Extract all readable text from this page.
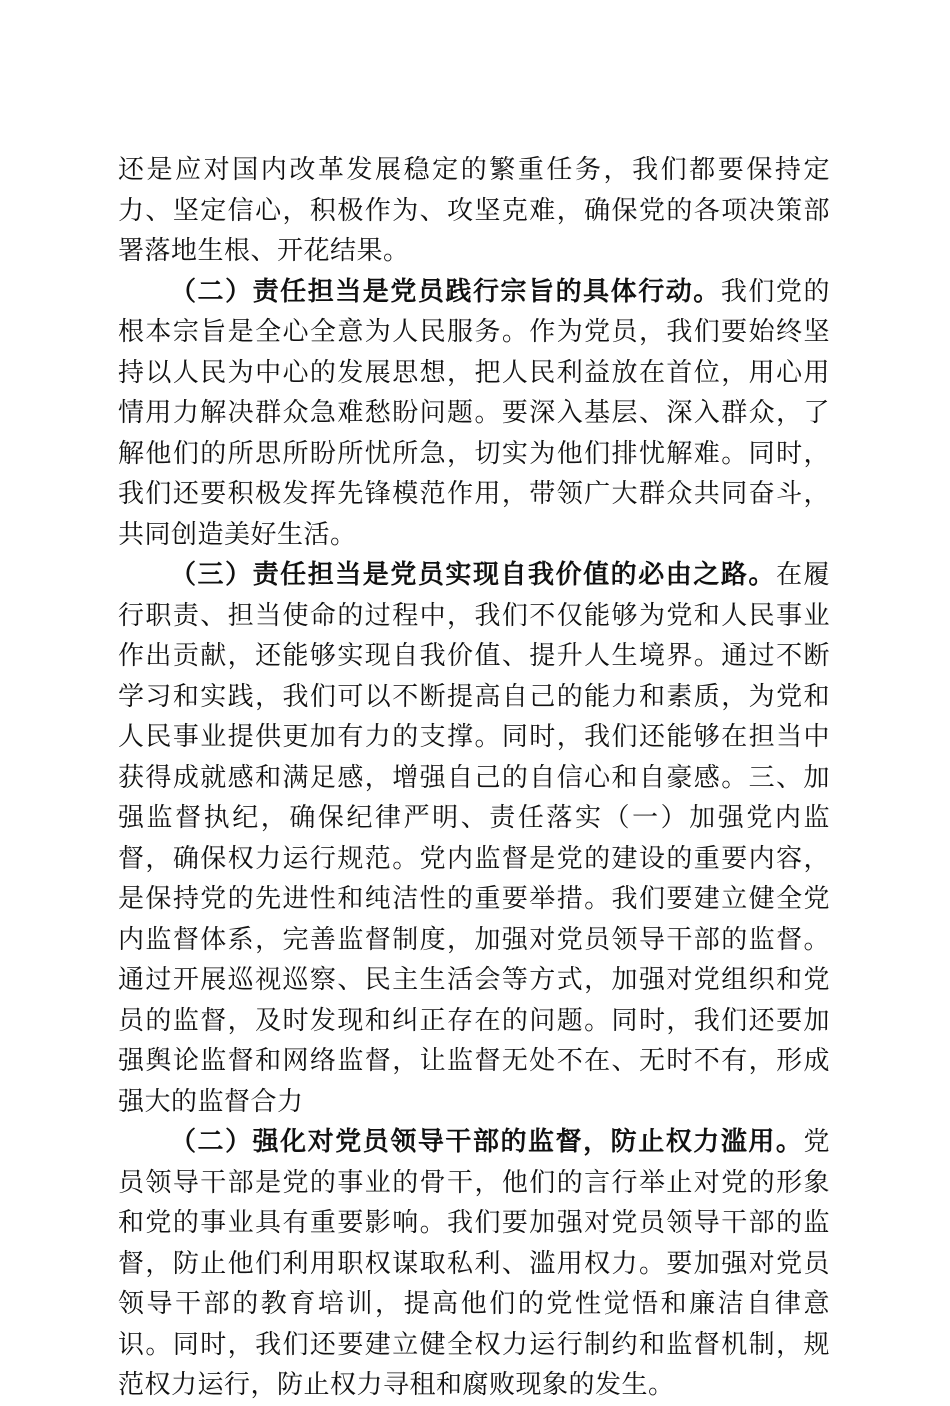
还是应对国内改革发展稳定的繁重任务，我们都要保持定力、坚定信心，积极作为、攻坚克难，确保党的各项决策部署落地生根、开花结果。

（二）责任担当是党员践行宗旨的具体行动。我们党的根本宗旨是全心全意为人民服务。作为党员，我们要始终坚持以人民为中心的发展思想，把人民利益放在首位，用心用情用力解决群众急难愁盼问题。要深入基层、深入群众，了解他们的所思所盼所忧所急，切实为他们排忧解难。同时，我们还要积极发挥先锋模范作用，带领广大群众共同奋斗，共同创造美好生活。

（三）责任担当是党员实现自我价值的必由之路。在履行职责、担当使命的过程中，我们不仅能够为党和人民事业作出贡献，还能够实现自我价值、提升人生境界。通过不断学习和实践，我们可以不断提高自己的能力和素质，为党和人民事业提供更加有力的支撑。同时，我们还能够在担当中获得成就感和满足感，增强自己的自信心和自豪感。三、加强监督执纪，确保纪律严明、责任落实（一）加强党内监督，确保权力运行规范。党内监督是党的建设的重要内容，是保持党的先进性和纯洁性的重要举措。我们要建立健全党内监督体系，完善监督制度，加强对党员领导干部的监督。通过开展巡视巡察、民主生活会等方式，加强对党组织和党员的监督，及时发现和纠正存在的问题。同时，我们还要加强舆论监督和网络监督，让监督无处不在、无时不有，形成强大的监督合力

（二）强化对党员领导干部的监督，防止权力滥用。党员领导干部是党的事业的骨干，他们的言行举止对党的形象和党的事业具有重要影响。我们要加强对党员领导干部的监督，防止他们利用职权谋取私利、滥用权力。要加强对党员领导干部的教育培训，提高他们的党性觉悟和廉洁自律意识。同时，我们还要建立健全权力运行制约和监督机制，规范权力运行，防止权力寻租和腐败现象的发生。
